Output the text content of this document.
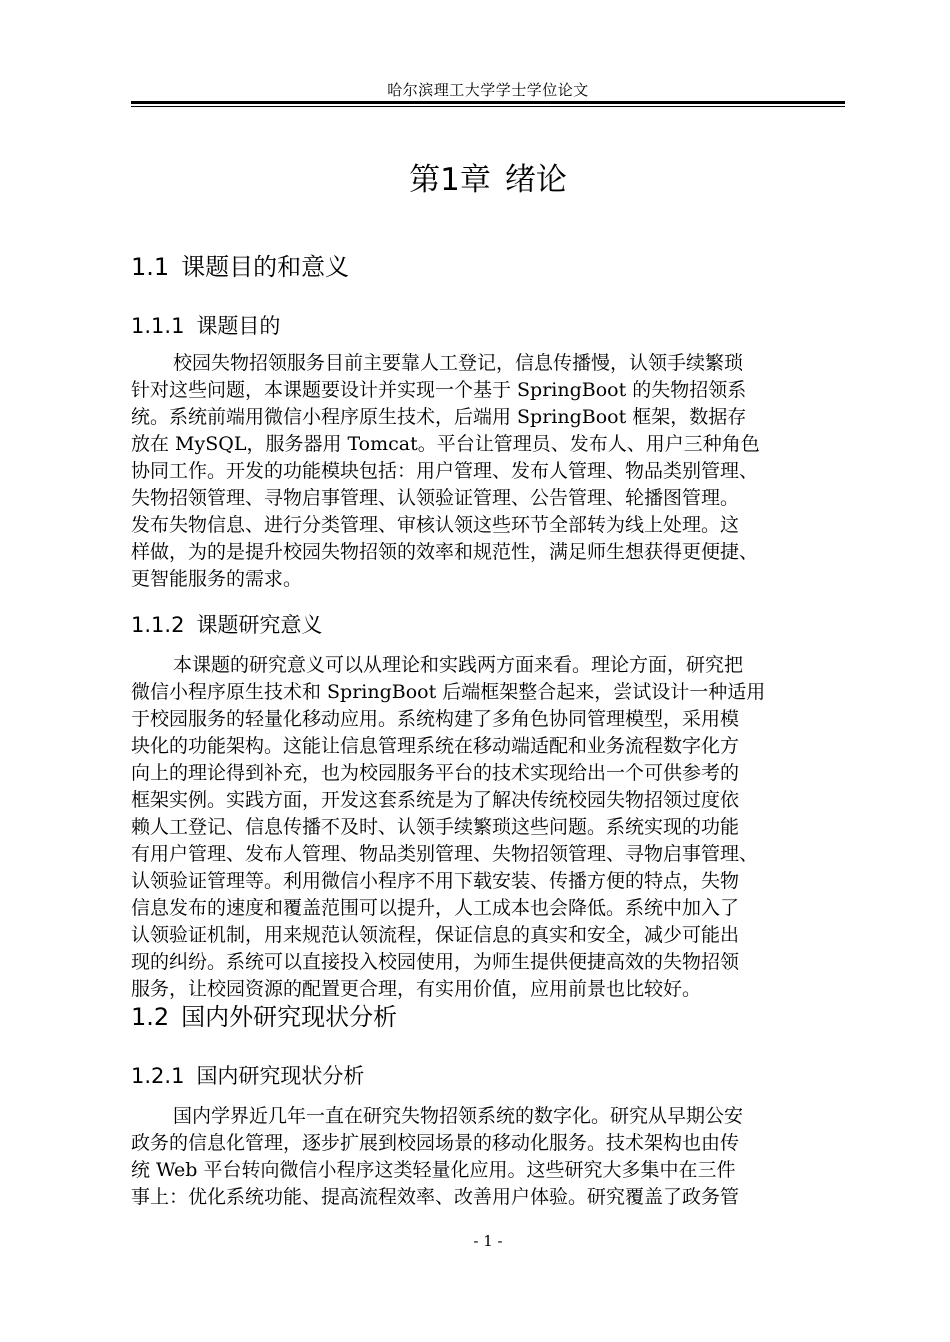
哈尔滨理工大学学士学位论文
第1章 绪论
1.1 课题目的和意义
1.1.1 课题目的
校园失物招领服务目前主要靠人工登记，信息传播慢，认领手续繁琐
针对这些问题，本课题要设计并实现一个基于 SpringBoot 的失物招领系
统。系统前端用微信小程序原生技术，后端用 SpringBoot 框架，数据存
放在 MySQL，服务器用 Tomcat。平台让管理员、发布人、用户三种角色
协同工作。开发的功能模块包括：用户管理、发布人管理、物品类别管理、
失物招领管理、寻物启事管理、认领验证管理、公告管理、轮播图管理。
发布失物信息、进行分类管理、审核认领这些环节全部转为线上处理。这
样做，为的是提升校园失物招领的效率和规范性，满足师生想获得更便捷、
更智能服务的需求。
1.1.2 课题研究意义
本课题的研究意义可以从理论和实践两方面来看。理论方面，研究把
微信小程序原生技术和 SpringBoot 后端框架整合起来，尝试设计一种适用
于校园服务的轻量化移动应用。系统构建了多角色协同管理模型，采用模
块化的功能架构。这能让信息管理系统在移动端适配和业务流程数字化方
向上的理论得到补充，也为校园服务平台的技术实现给出一个可供参考的
框架实例。实践方面，开发这套系统是为了解决传统校园失物招领过度依
赖人工登记、信息传播不及时、认领手续繁琐这些问题。系统实现的功能
有用户管理、发布人管理、物品类别管理、失物招领管理、寻物启事管理、
认领验证管理等。利用微信小程序不用下载安装、传播方便的特点，失物
信息发布的速度和覆盖范围可以提升，人工成本也会降低。系统中加入了
认领验证机制，用来规范认领流程，保证信息的真实和安全，减少可能出
现的纠纷。系统可以直接投入校园使用，为师生提供便捷高效的失物招领
服务，让校园资源的配置更合理，有实用价值，应用前景也比较好。
1.2 国内外研究现状分析
1.2.1 国内研究现状分析
国内学界近几年一直在研究失物招领系统的数字化。研究从早期公安
政务的信息化管理，逐步扩展到校园场景的移动化服务。技术架构也由传
统 Web 平台转向微信小程序这类轻量化应用。这些研究大多集中在三件
事上：优化系统功能、提高流程效率、改善用户体验。研究覆盖了政务管
- 1 -
